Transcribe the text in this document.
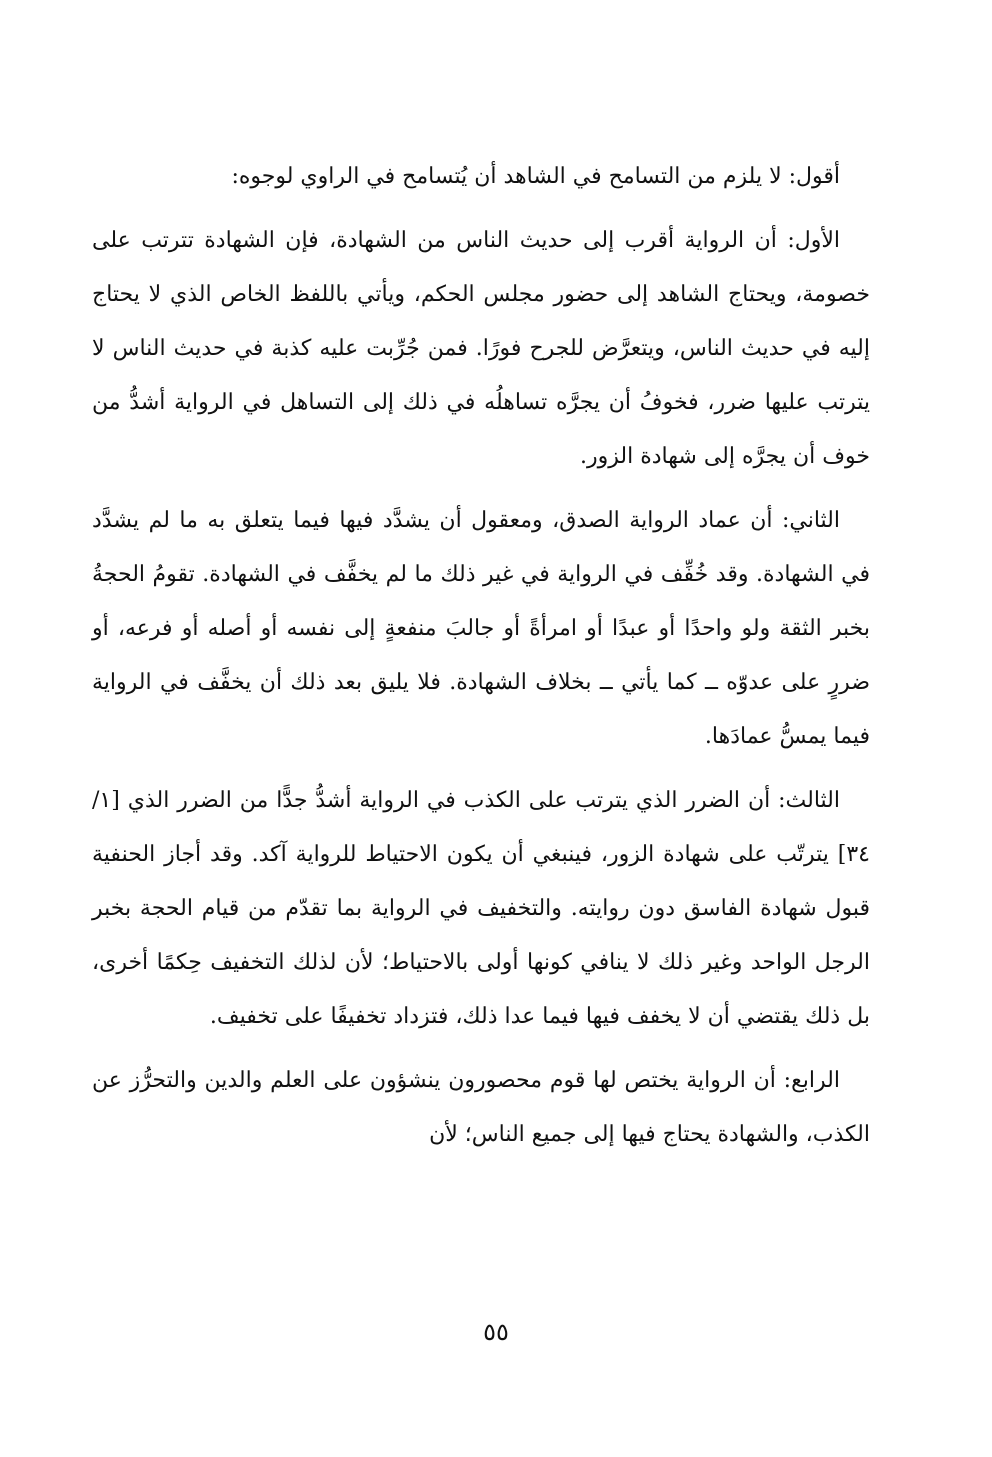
أقول: لا يلزم من التسامح في الشاهد أن يُتسامح في الراوي لوجوه:

الأول: أن الرواية أقرب إلى حديث الناس من الشهادة، فإن الشهادة تترتب على خصومة، ويحتاج الشاهد إلى حضور مجلس الحكم، ويأتي باللفظ الخاص الذي لا يحتاج إليه في حديث الناس، ويتعرَّض للجرح فورًا. فمن جُرِّبت عليه كذبة في حديث الناس لا يترتب عليها ضرر، فخوفُ أن يجرَّه تساهلُه في ذلك إلى التساهل في الرواية أشدُّ من خوف أن يجرَّه إلى شهادة الزور.

الثاني: أن عماد الرواية الصدق، ومعقول أن يشدَّد فيها فيما يتعلق به ما لم يشدَّد في الشهادة. وقد خُفِّف في الرواية في غير ذلك ما لم يخفَّف في الشهادة. تقومُ الحجةُ بخبر الثقة ولو واحدًا أو عبدًا أو امرأةً أو جالبَ منفعةٍ إلى نفسه أو أصله أو فرعه، أو ضررٍ على عدوّه ــ كما يأتي ــ بخلاف الشهادة. فلا يليق بعد ذلك أن يخفَّف في الرواية فيما يمسُّ عمادَها.

الثالث: أن الضرر الذي يترتب على الكذب في الرواية أشدُّ جدًّا من الضرر الذي [١/ ٣٤] يترتّب على شهادة الزور، فينبغي أن يكون الاحتياط للرواية آكد. وقد أجاز الحنفية قبول شهادة الفاسق دون روايته. والتخفيف في الرواية بما تقدّم من قيام الحجة بخبر الرجل الواحد وغير ذلك لا ينافي كونها أولى بالاحتياط؛ لأن لذلك التخفيف حِكمًا أخرى، بل ذلك يقتضي أن لا يخفف فيها فيما عدا ذلك، فتزداد تخفيفًا على تخفيف.

الرابع: أن الرواية يختص لها قوم محصورون ينشؤون على العلم والدين والتحرُّز عن الكذب، والشهادة يحتاج فيها إلى جميع الناس؛ لأن

٥٥
